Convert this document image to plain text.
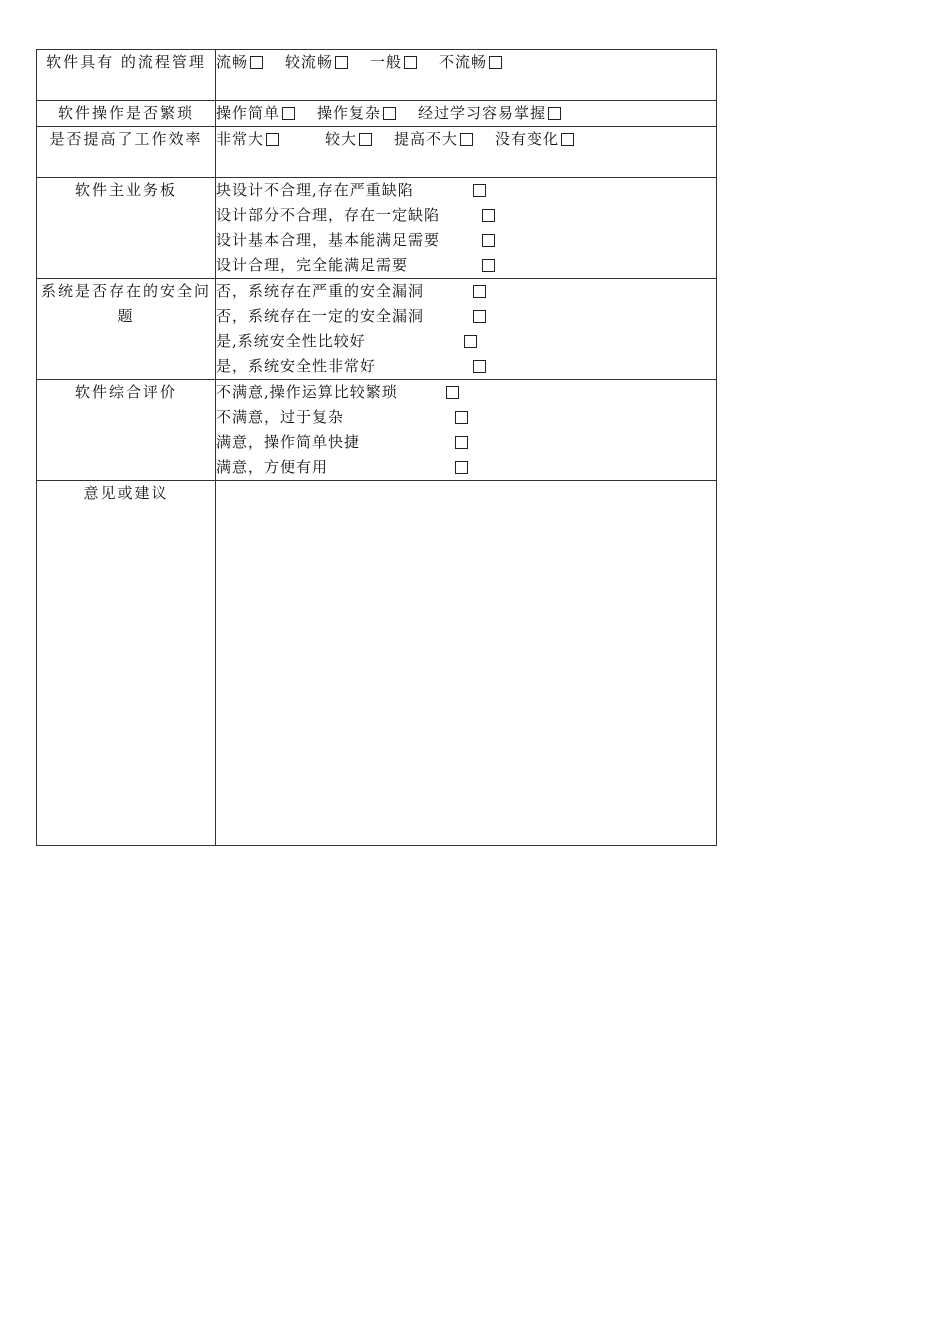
软件具有 的流程管理	流畅 较流畅 一般 不流畅

软件操作是否繁琐	操作简单 操作复杂 经过学习容易掌握

是否提高了工作效率	非常大 较大 提高不大 没有变化

软件主业务板	块设计不合理,存在严重缺陷
设计部分不合理，存在一定缺陷
设计基本合理，基本能满足需要
设计合理，完全能满足需要

系统是否存在的安全问题	否，系统存在严重的安全漏洞
否，系统存在一定的安全漏洞
是,系统安全性比较好
是，系统安全性非常好

软件综合评价	不满意,操作运算比较繁琐
不满意，过于复杂
满意，操作简单快捷
满意，方便有用

意见或建议	
